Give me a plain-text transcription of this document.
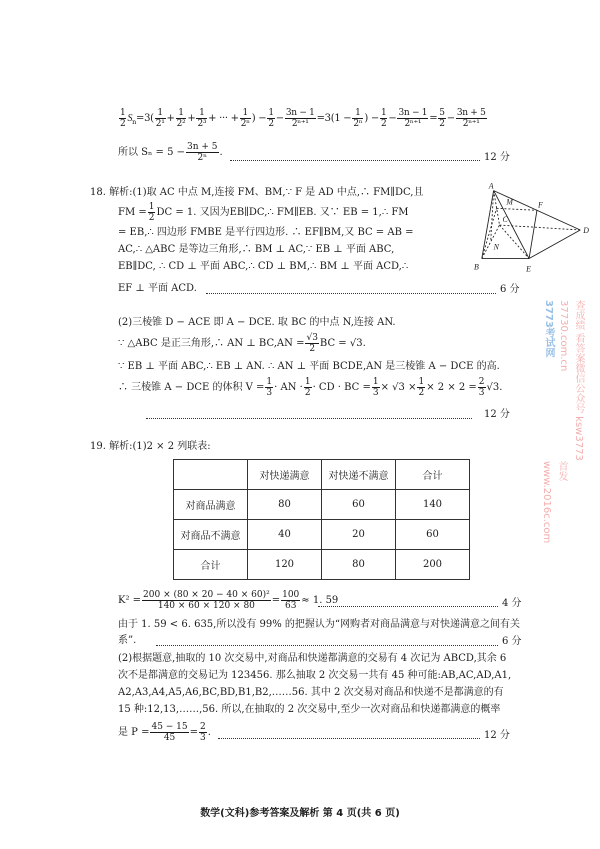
$\frac{1}{2} S_n=3( \frac{1}{\text{2¹}} + \frac{1}{\text{2²}} + \frac{1}{\text{2³}}$ + ··· + $\frac{1}{\text{2ⁿ}}$ ) − $\frac{1}{2} - \frac{3n - 1}{\text{2ⁿ⁺¹}} =3(1 - \frac{1}{\text{2ⁿ}}$ ) − $\frac{1}{2} - \frac{3n - 1}{\text{2ⁿ⁺¹}} = \frac{5}{2} - \frac{3n + 5}{\text{2ⁿ⁺¹}}$
所以 $S_n = 5 - \frac{3n + 5}{\text{2ⁿ}}$ .	12 分
18. 解析:(1)取 AC 中点 M,连接 FM、BM,∵ F 是 AD 中点,∴ FM∥DC,且
FM = $\frac{1}{2}$ DC = 1. 又因为EB∥DC,∴ FM∥EB. 又∵ EB = 1,∴ FM
= EB,∴ 四边形 FMBE 是平行四边形. ∴ EF∥BM,又 BC = AB =
AC,∴ △ABC 是等边三角形,∴ BM ⊥ AC,∵ EB ⊥ 平面 ABC,
EB∥DC, ∴ CD ⊥ 平面 ABC,∴ CD ⊥ BM,∴ BM ⊥ 平面 ACD,∴
EF ⊥ 平面 ACD.	6 分
A
M	F
C
D
N
B	E
(2)三棱锥 D − ACE 即 A − DCE. 取 BC 的中点 N,连接 AN.
∵ △ABC 是正三角形,∴ AN ⊥ $BC,AN = \frac{√3}{2}$ BC = √3.
∵ EB ⊥ 平面 ABC,∴ EB ⊥ AN. ∴ AN ⊥ 平面 BCDE,AN 是三棱锥 A − DCE 的高.
∴ 三棱锥 A − DCE 的体积 $V = \frac{1}{3}$ · AN · $\frac{1}{2}$ · CD · BC = $\frac{1}{3} \times √3 \times \frac{1}{2} \times 2 \times 2 = \frac{2}{3} √3$.
12 分
19. 解析:(1)2 × 2 列联表:
	对快递满意	对快递不满意	合计
对商品满意	80	60	140
对商品不满意	40	20	60
合计	120	80	200
$K^2 = \frac{\text{200 × (80 × 20 − 40 × 60)²}}{140 \times 60 \times 120 \times 80} = \frac{100}{63} \approx 1$. 59	4 分
由于 1. 59 < 6. 635,所以没有 99% 的把握认为“网购者对商品满意与对快递满意之间有关
系”.	6 分
(2)根据题意,抽取的 10 次交易中,对商品和快递都满意的交易有 4 次记为 ABCD,其余 6
次不是都满意的交易记为 123456. 那么抽取 2 次交易一共有 45 种可能:AB,AC,AD,A1,
A2,A3,A4,A5,A6,BC,BD,B1,B2,……56. 其中 2 次交易对商品和快递不是都满意的有
15 种:12,13,……,56. 所以,在抽取的 2 次交易中,至少一次对商品和快递都满意的概率
是 $P = \frac{45 - 15}{45} = \frac{2}{3}$ .	12 分
数学(文科)参考答案及解析 第 4 页(共 6 页)
3773考试网 37730.com.cn 查成绩 看答案
微信公众号 ksw3773
www.2016c.com 首发
